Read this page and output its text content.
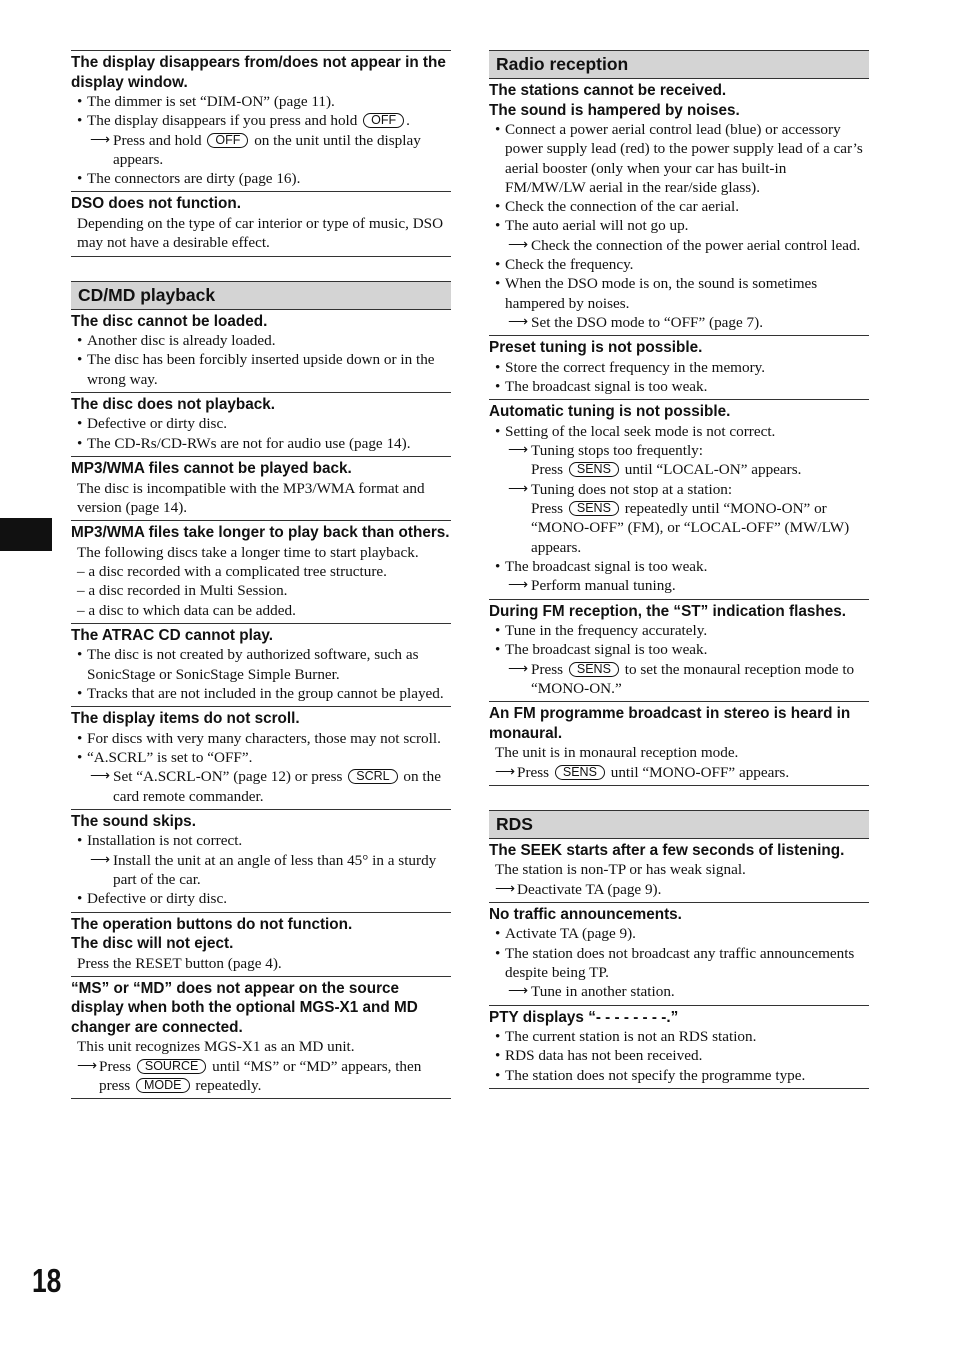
The display disappears from/does not appear in the display window.
• The dimmer is set “DIM-ON” (page 11).
• The display disappears if you press and hold OFF .
⟶ Press and hold OFF on the unit until the display appears.
• The connectors are dirty (page 16).
DSO does not function.
Depending on the type of car interior or type of music, DSO may not have a desirable effect.
CD/MD playback
The disc cannot be loaded.
• Another disc is already loaded.
• The disc has been forcibly inserted upside down or in the wrong way.
The disc does not playback.
• Defective or dirty disc.
• The CD-Rs/CD-RWs are not for audio use (page 14).
MP3/WMA files cannot be played back.
The disc is incompatible with the MP3/WMA format and version (page 14).
MP3/WMA files take longer to play back than others.
The following discs take a longer time to start playback.
– a disc recorded with a complicated tree structure.
– a disc recorded in Multi Session.
– a disc to which data can be added.
The ATRAC CD cannot play.
• The disc is not created by authorized software, such as SonicStage or SonicStage Simple Burner.
• Tracks that are not included in the group cannot be played.
The display items do not scroll.
• For discs with very many characters, those may not scroll.
• “A.SCRL” is set to “OFF”.
⟶ Set “A.SCRL-ON” (page 12) or press SCRL on the card remote commander.
The sound skips.
• Installation is not correct.
⟶ Install the unit at an angle of less than 45° in a sturdy part of the car.
• Defective or dirty disc.
The operation buttons do not function.
The disc will not eject.
Press the RESET button (page 4).
“MS” or “MD” does not appear on the source display when both the optional MGS-X1 and MD changer are connected.
This unit recognizes MGS-X1 as an MD unit.
⟶ Press SOURCE until “MS” or “MD” appears, then press MODE repeatedly.
Radio reception
The stations cannot be received.
The sound is hampered by noises.
• Connect a power aerial control lead (blue) or accessory power supply lead (red) to the power supply lead of a car’s aerial booster (only when your car has built-in FM/MW/LW aerial in the rear/side glass).
• Check the connection of the car aerial.
• The auto aerial will not go up.
⟶ Check the connection of the power aerial control lead.
• Check the frequency.
• When the DSO mode is on, the sound is sometimes hampered by noises.
⟶ Set the DSO mode to “OFF” (page 7).
Preset tuning is not possible.
• Store the correct frequency in the memory.
• The broadcast signal is too weak.
Automatic tuning is not possible.
• Setting of the local seek mode is not correct.
⟶ Tuning stops too frequently:
Press SENS until “LOCAL-ON” appears.
⟶ Tuning does not stop at a station:
Press SENS repeatedly until “MONO-ON” or “MONO-OFF” (FM), or “LOCAL-OFF” (MW/LW) appears.
• The broadcast signal is too weak.
⟶ Perform manual tuning.
During FM reception, the “ST” indication flashes.
• Tune in the frequency accurately.
• The broadcast signal is too weak.
⟶ Press SENS to set the monaural reception mode to “MONO-ON.”
An FM programme broadcast in stereo is heard in monaural.
The unit is in monaural reception mode.
⟶ Press SENS until “MONO-OFF” appears.
RDS
The SEEK starts after a few seconds of listening.
The station is non-TP or has weak signal.
⟶ Deactivate TA (page 9).
No traffic announcements.
• Activate TA (page 9).
• The station does not broadcast any traffic announcements despite being TP.
⟶ Tune in another station.
PTY displays “- - - - - - - -.”
• The current station is not an RDS station.
• RDS data has not been received.
• The station does not specify the programme type.
18
